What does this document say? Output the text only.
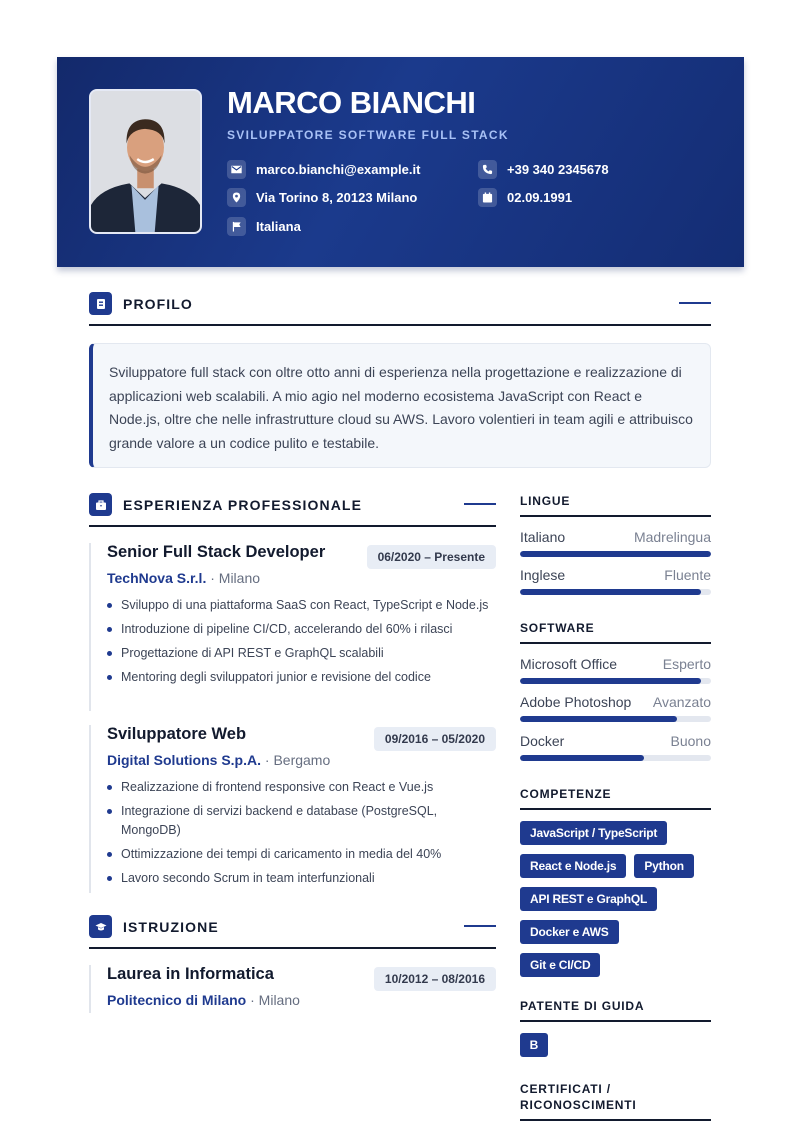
MARCO BIANCHI
SVILUPPATORE SOFTWARE FULL STACK
marco.bianchi@example.it	+39 340 2345678
Via Torino 8, 20123 Milano	02.09.1991
Italiana
PROFILO

Sviluppatore full stack con oltre otto anni di esperienza nella progettazione e realizzazione di applicazioni web scalabili. A mio agio nel moderno ecosistema JavaScript con React e Node.js, oltre che nelle infrastrutture cloud su AWS. Lavoro volentieri in team agili e attribuisco grande valore a un codice pulito e testabile.

ESPERIENZA PROFESSIONALE
Senior Full Stack Developer	06/2020 – Presente
TechNova S.r.l. · Milano
Sviluppo di una piattaforma SaaS con React, TypeScript e Node.js
Introduzione di pipeline CI/CD, accelerando del 60% i rilasci
Progettazione di API REST e GraphQL scalabili
Mentoring degli sviluppatori junior e revisione del codice
Sviluppatore Web	09/2016 – 05/2020
Digital Solutions S.p.A. · Bergamo
Realizzazione di frontend responsive con React e Vue.js
Integrazione di servizi backend e database (PostgreSQL, MongoDB)
Ottimizzazione dei tempi di caricamento in media del 40%
Lavoro secondo Scrum in team interfunzionali
ISTRUZIONE
Laurea in Informatica	10/2012 – 08/2016
Politecnico di Milano · Milano
LINGUE
Italiano	Madrelingua
Inglese	Fluente
SOFTWARE
Microsoft Office	Esperto
Adobe Photoshop Avanzato
Docker	Buono
COMPETENZE
JavaScript / TypeScript
React e Node.js Python
API REST e GraphQL
Docker e AWS
Git e CI/CD
PATENTE DI GUIDA
B
CERTIFICATI / RICONOSCIMENTI
